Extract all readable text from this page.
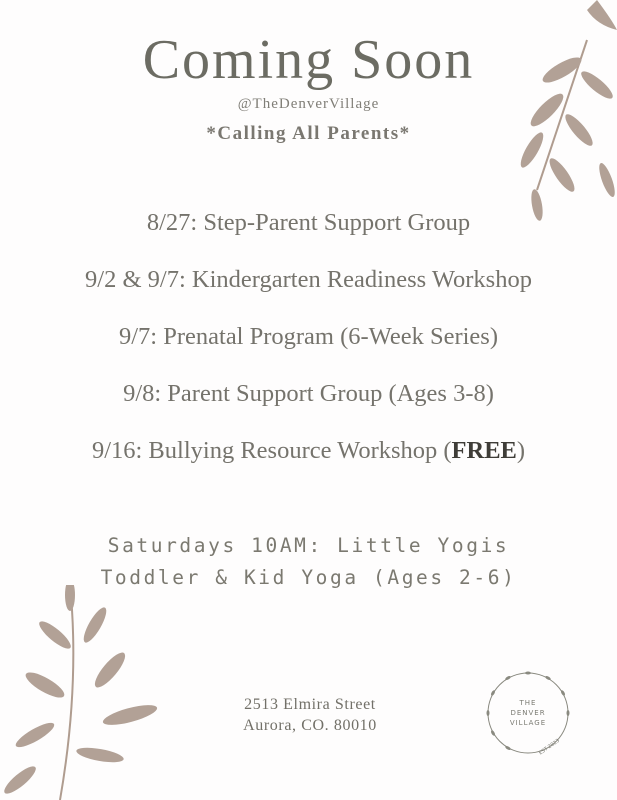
Coming Soon
@TheDenverVillage
*Calling All Parents*
8/27: Step-Parent Support Group
9/2 & 9/7: Kindergarten Readiness Workshop
9/7: Prenatal Program (6-Week Series)
9/8: Parent Support Group (Ages 3-8)
9/16: Bullying Resource Workshop (FREE)
Saturdays 10AM: Little Yogis
Toddler & Kid Yoga (Ages 2-6)
2513 Elmira Street
Aurora, CO. 80010
THE
DENVER
VILLAGE
EST 2023
